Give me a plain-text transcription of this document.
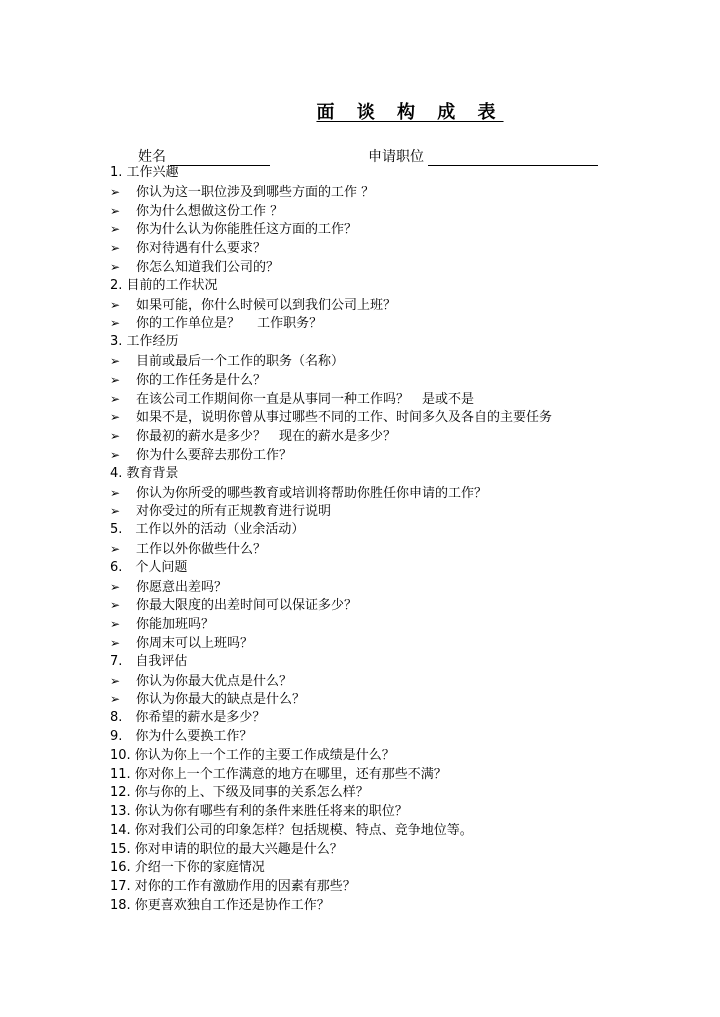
面 谈 构 成 表
姓名	申请职位
1. 工作兴趣
➢ 你认为这一职位涉及到哪些方面的工作 ？
➢ 你为什么想做这份工作 ？
➢ 你为什么认为你能胜任这方面的工作？
➢ 你对待遇有什么要求？
➢ 你怎么知道我们公司的？
2. 目前的工作状况
➢ 如果可能，你什么时候可以到我们公司上班？
➢ 你的工作单位是？　 工作职务？
3. 工作经历
➢ 目前或最后一个工作的职务（名称）
➢ 你的工作任务是什么？
➢ 在该公司工作期间你一直是从事同一种工作吗？　是或不是
➢ 如果不是，说明你曾从事过哪些不同的工作、时间多久及各自的主要任务
➢ 你最初的薪水是多少？　现在的薪水是多少？
➢ 你为什么要辞去那份工作？
4. 教育背景
➢ 你认为你所受的哪些教育或培训将帮助你胜任你申请的工作？
➢ 对你受过的所有正规教育进行说明
5.　工作以外的活动（业余活动）
➢ 工作以外你做些什么？
6.　个人问题
➢ 你愿意出差吗？
➢ 你最大限度的出差时间可以保证多少？
➢ 你能加班吗？
➢ 你周末可以上班吗？
7.　自我评估
➢ 你认为你最大优点是什么？
➢ 你认为你最大的缺点是什么？
8.　你希望的薪水是多少？
9.　你为什么要换工作？
10. 你认为你上一个工作的主要工作成绩是什么？
11. 你对你上一个工作满意的地方在哪里，还有那些不满？
12. 你与你的上、下级及同事的关系怎么样？
13. 你认为你有哪些有利的条件来胜任将来的职位？
14. 你对我们公司的印象怎样？包括规模、特点、竞争地位等。
15. 你对申请的职位的最大兴趣是什么？
16. 介绍一下你的家庭情况
17. 对你的工作有激励作用的因素有那些？
18. 你更喜欢独自工作还是协作工作？
